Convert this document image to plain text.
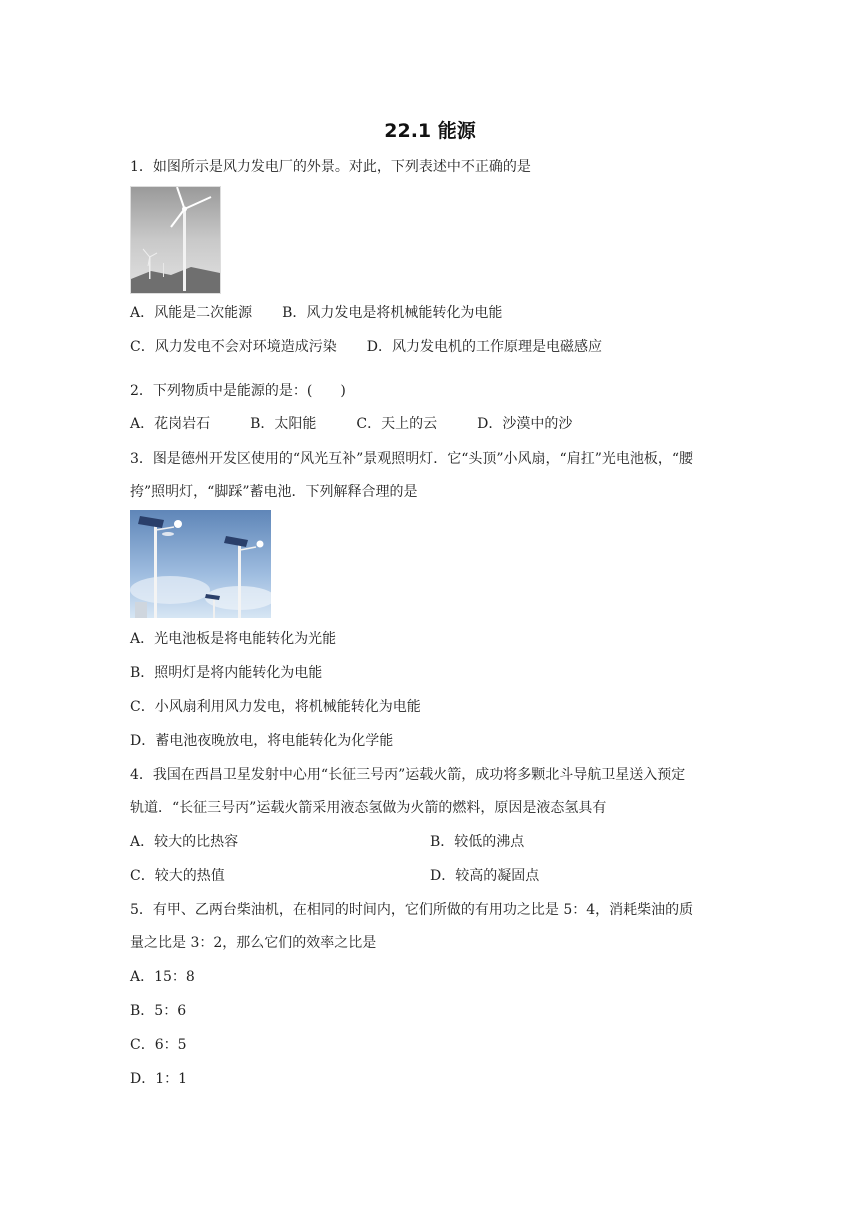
22.1 能源
1．如图所示是风力发电厂的外景。对此，下列表述中不正确的是
A．风能是二次能源 B．风力发电是将机械能转化为电能
C．风力发电不会对环境造成污染 D．风力发电机的工作原理是电磁感应
2．下列物质中是能源的是：(　　)
A．花岗岩石	B．太阳能	C．天上的云	D．沙漠中的沙
3．图是德州开发区使用的“风光互补”景观照明灯．它“头顶”小风扇，“肩扛”光电池板，“腰
挎”照明灯，“脚踩”蓄电池．下列解释合理的是
A．光电池板是将电能转化为光能
B．照明灯是将内能转化为电能
C．小风扇利用风力发电，将机械能转化为电能
D．蓄电池夜晚放电，将电能转化为化学能
4．我国在西昌卫星发射中心用“长征三号丙”运载火箭，成功将多颗北斗导航卫星送入预定
轨道．“长征三号丙”运载火箭采用液态氢做为火箭的燃料，原因是液态氢具有
A．较大的比热容	B．较低的沸点
C．较大的热值	D．较高的凝固点
5．有甲、乙两台柴油机，在相同的时间内，它们所做的有用功之比是 5：4，消耗柴油的质
量之比是 3：2，那么它们的效率之比是
A．15：8
B．5：6
C．6：5
D．1：1
